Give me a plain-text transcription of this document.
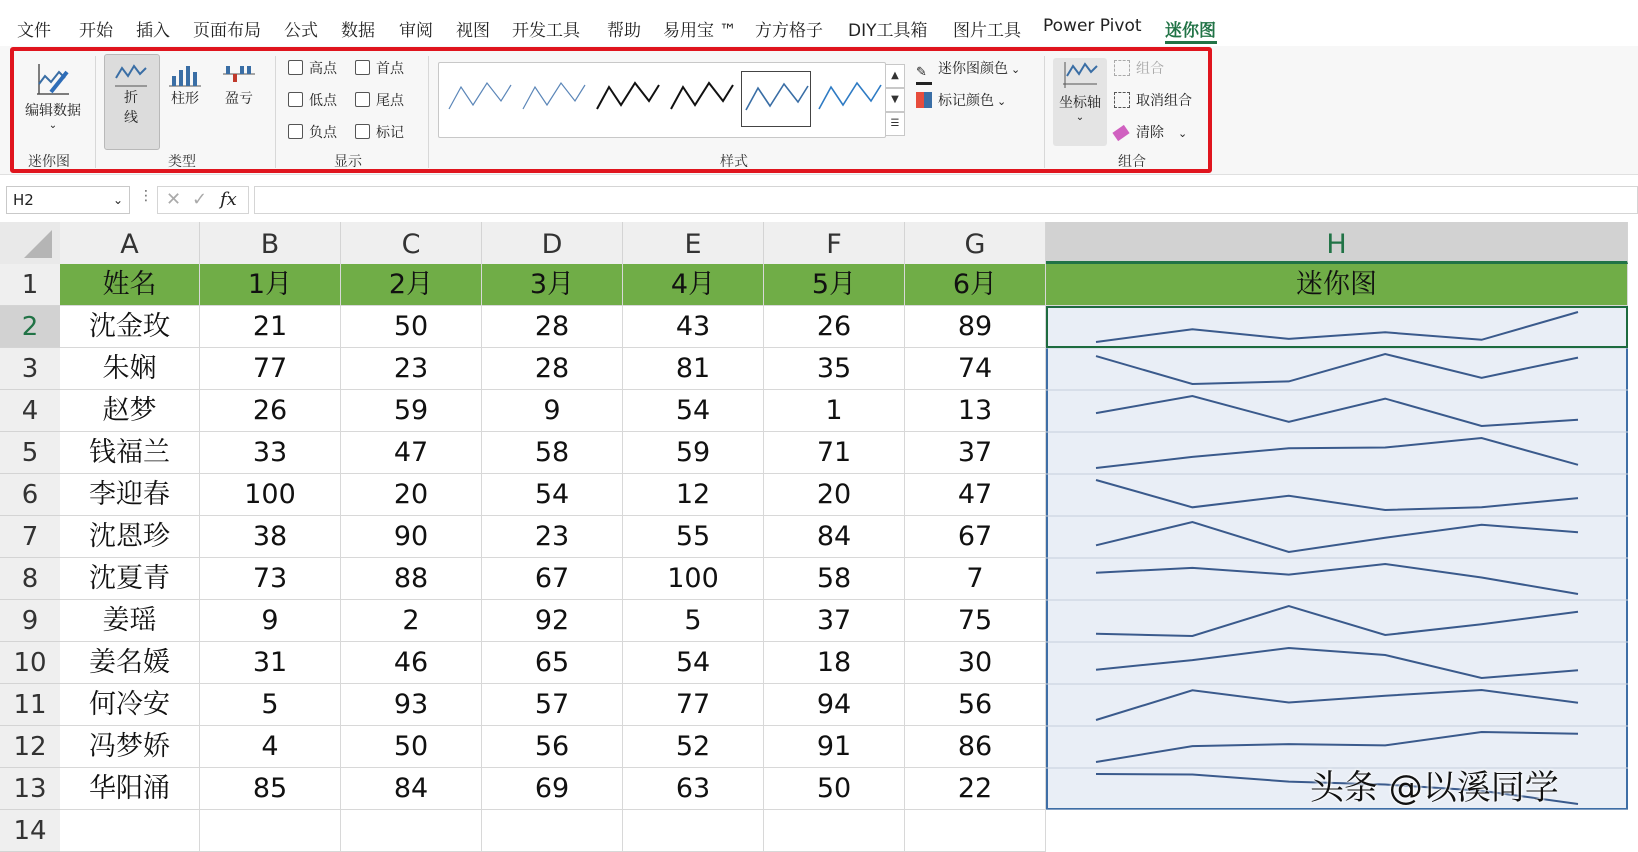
文件 开始 插入 页面布局 公式 数据 审阅 视图 开发工具 帮助 易用宝 ™ 方方格子 DIY工具箱 图片工具 Power Pivot 迷你图
编辑数据
⌄
迷你图
折线
柱形	盈亏
类型
高点	首点
低点	尾点
负点	标记
显示
▲
▼
☰
✎ 迷你图颜色 ⌄
标记颜色 ⌄
样式
坐标轴
⌄
组合
取消组合
清除 ⌄
组合
H2	⌄ ⋮ ✕ ✓ fx
A	B	C	D	E	F	G	H
1
2
3
4
5
6
7
8
9
10
11
12
13
14
姓名	1月	2月	3月	4月	5月	6月	迷你图
沈金玫	21	50	28	43	26	89
朱娴	77	23	28	81	35	74
赵梦	26	59	9	54	1	13
钱福兰	33	47	58	59	71	37
李迎春	100	20	54	12	20	47
沈恩珍	38	90	23	55	84	67
沈夏青	73	88	67	100	58	7
姜瑶	9	2	92	5	37	75
姜名媛	31	46	65	54	18	30
何冷安	5	93	57	77	94	56
冯梦娇	4	50	56	52	91	86
华阳涌	85	84	69	63	50	22	头条 @以溪同学
